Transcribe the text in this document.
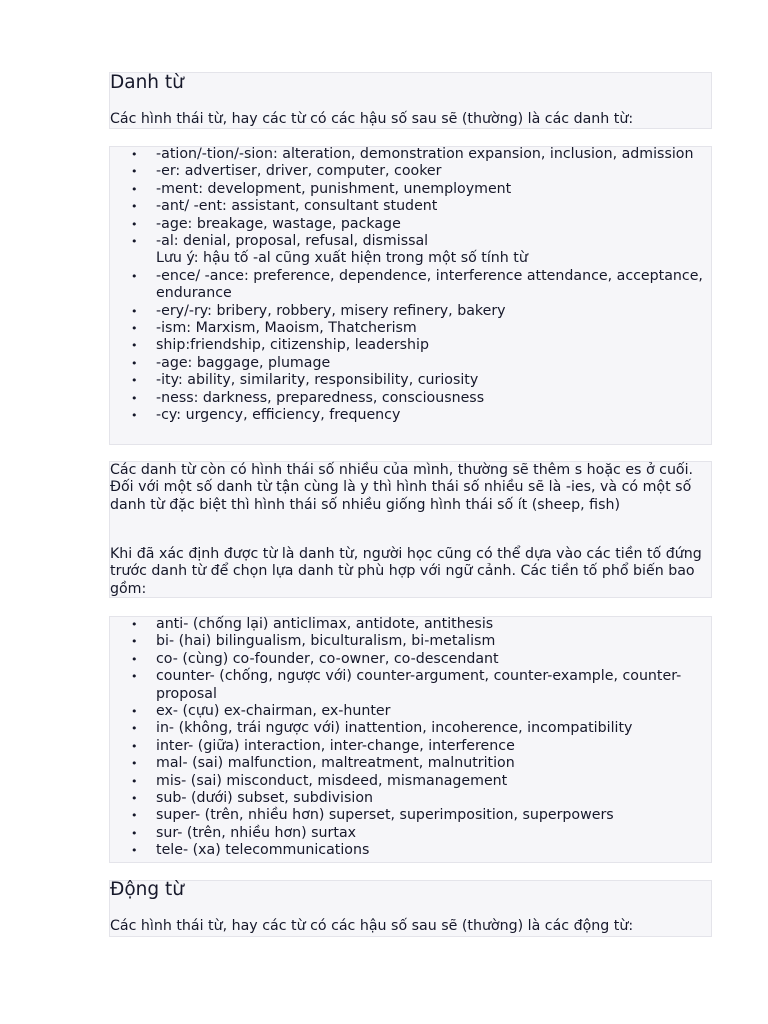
Danh từ

Các hình thái từ, hay các từ có các hậu số sau sẽ (thường) là các danh từ:

• -ation/-tion/-sion: alteration, demonstration expansion, inclusion, admission
• -er: advertiser, driver, computer, cooker
• -ment: development, punishment, unemployment
• -ant/ -ent: assistant, consultant student
• -age: breakage, wastage, package
• -al: denial, proposal, refusal, dismissal
Lưu ý: hậu tố -al cũng xuất hiện trong một số tính từ
• -ence/ -ance: preference, dependence, interference attendance, acceptance, endurance
• -ery/-ry: bribery, robbery, misery refinery, bakery
• -ism: Marxism, Maoism, Thatcherism
• ship:friendship, citizenship, leadership
• -age: baggage, plumage
• -ity: ability, similarity, responsibility, curiosity
• -ness: darkness, preparedness, consciousness
• -cy: urgency, efficiency, frequency

Các danh từ còn có hình thái số nhiều của mình, thường sẽ thêm s hoặc es ở cuối. Đối với một số danh từ tận cùng là y thì hình thái số nhiều sẽ là -ies, và có một số danh từ đặc biệt thì hình thái số nhiều giống hình thái số ít (sheep, fish)

Khi đã xác định được từ là danh từ, người học cũng có thể dựa vào các tiền tố đứng trước danh từ để chọn lựa danh từ phù hợp với ngữ cảnh. Các tiền tố phổ biến bao gồm:

• anti- (chống lại) anticlimax, antidote, antithesis
• bi- (hai) bilingualism, biculturalism, bi-metalism
• co- (cùng) co-founder, co-owner, co-descendant
• counter- (chống, ngược với) counter-argument, counter-example, counter-proposal
• ex- (cựu) ex-chairman, ex-hunter
• in- (không, trái ngược với) inattention, incoherence, incompatibility
• inter- (giữa) interaction, inter-change, interference
• mal- (sai) malfunction, maltreatment, malnutrition
• mis- (sai) misconduct, misdeed, mismanagement
• sub- (dưới) subset, subdivision
• super- (trên, nhiều hơn) superset, superimposition, superpowers
• sur- (trên, nhiều hơn) surtax
• tele- (xa) telecommunications
Động từ

Các hình thái từ, hay các từ có các hậu số sau sẽ (thường) là các động từ:
